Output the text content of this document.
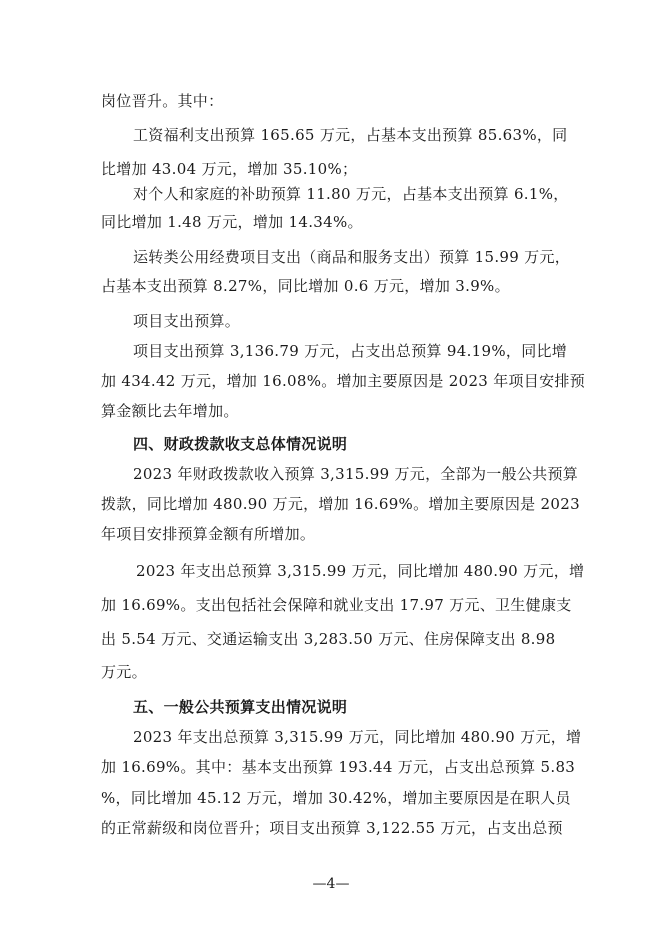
岗位晋升。其中：
工资福利支出预算 165.65 万元，占基本支出预算 85.63%，同
比增加 43.04 万元，增加 35.10%；
对个人和家庭的补助预算 11.80 万元，占基本支出预算 6.1%，
同比增加 1.48 万元，增加 14.34%。
运转类公用经费项目支出（商品和服务支出）预算 15.99 万元，
占基本支出预算 8.27%，同比增加 0.6 万元，增加 3.9%。
项目支出预算。
项目支出预算 3,136.79 万元，占支出总预算 94.19%，同比增
加 434.42 万元，增加 16.08%。增加主要原因是 2023 年项目安排预
算金额比去年增加。
四、财政拨款收支总体情况说明
2023 年财政拨款收入预算 3,315.99 万元，全部为一般公共预算
拨款，同比增加 480.90 万元，增加 16.69%。增加主要原因是 2023
年项目安排预算金额有所增加。
2023 年支出总预算 3,315.99 万元，同比增加 480.90 万元，增
加 16.69%。支出包括社会保障和就业支出 17.97 万元、卫生健康支
出 5.54 万元、交通运输支出 3,283.50 万元、住房保障支出 8.98
万元。
五、一般公共预算支出情况说明
2023 年支出总预算 3,315.99 万元，同比增加 480.90 万元，增
加 16.69%。其中：基本支出预算 193.44 万元，占支出总预算 5.83
%，同比增加 45.12 万元，增加 30.42%，增加主要原因是在职人员
的正常薪级和岗位晋升；项目支出预算 3,122.55 万元，占支出总预
—4—
